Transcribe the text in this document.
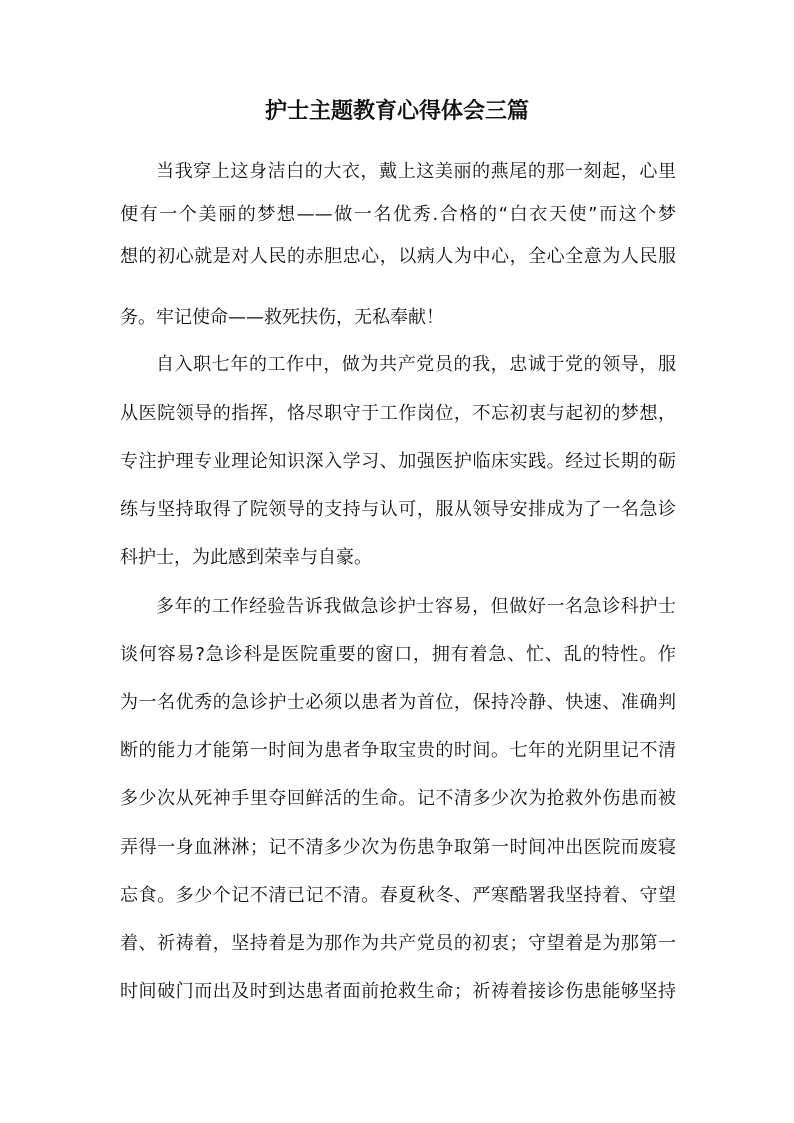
护士主题教育心得体会三篇
当我穿上这身洁白的大衣，戴上这美丽的燕尾的那一刻起，心里
便有一个美丽的梦想——做一名优秀.合格的“白衣天使”而这个梦
想的初心就是对人民的赤胆忠心，以病人为中心，全心全意为人民服
务。牢记使命——救死扶伤，无私奉献！
自入职七年的工作中，做为共产党员的我，忠诚于党的领导，服
从医院领导的指挥，恪尽职守于工作岗位，不忘初衷与起初的梦想，
专注护理专业理论知识深入学习、加强医护临床实践。经过长期的砺
练与坚持取得了院领导的支持与认可，服从领导安排成为了一名急诊
科护士，为此感到荣幸与自豪。
多年的工作经验告诉我做急诊护士容易，但做好一名急诊科护士
谈何容易?急诊科是医院重要的窗口，拥有着急、忙、乱的特性。作
为一名优秀的急诊护士必须以患者为首位，保持冷静、快速、准确判
断的能力才能第一时间为患者争取宝贵的时间。七年的光阴里记不清
多少次从死神手里夺回鲜活的生命。记不清多少次为抢救外伤患而被
弄得一身血淋淋；记不清多少次为伤患争取第一时间冲出医院而废寝
忘食。多少个记不清已记不清。春夏秋冬、严寒酷署我坚持着、守望
着、祈祷着，坚持着是为那作为共产党员的初衷；守望着是为那第一
时间破门而出及时到达患者面前抢救生命；祈祷着接诊伤患能够坚持
